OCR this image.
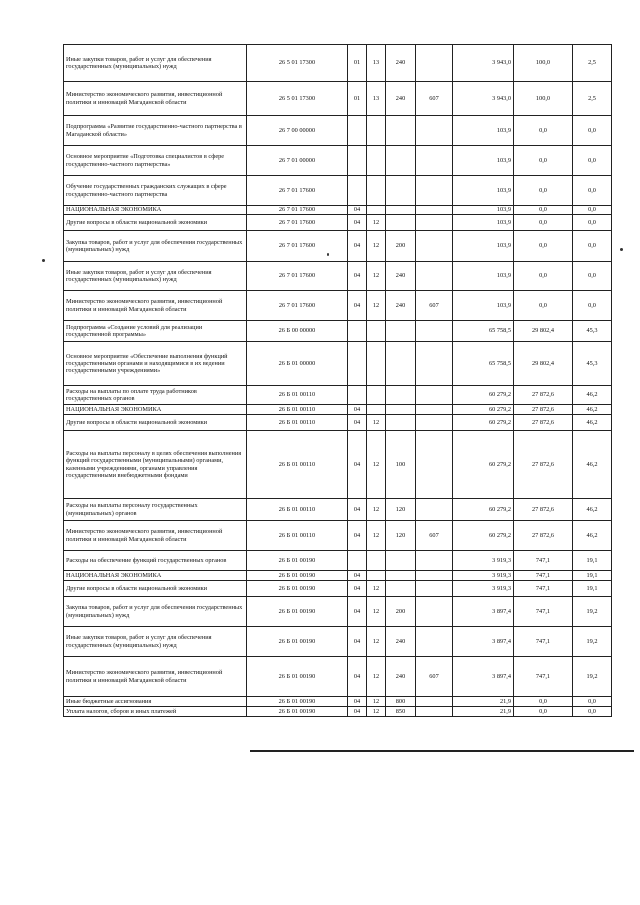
Иные закупки товаров, работ и услуг для обеспечения государственных (муниципальных) нужд	26 5 01 17300	01	13	240		3 943,0	100,0	2,5
Министерство экономического развития, инвестиционной политики и инноваций Магаданской области	26 5 01 17300	01	13	240	607	3 943,0	100,0	2,5
Подпрограмма «Развитие государственно-частного партнерства в Магаданской области»	26 7 00 00000					103,9	0,0	0,0
Основное мероприятие «Подготовка специалистов в сфере государственно-частного партнерства»	26 7 01 00000					103,9	0,0	0,0
Обучение государственных гражданских служащих в сфере государственно-частного партнерства	26 7 01 17600					103,9	0,0	0,0
НАЦИОНАЛЬНАЯ ЭКОНОМИКА	26 7 01 17600	04				103,9	0,0	0,0
Другие вопросы в области национальной экономики	26 7 01 17600	04	12			103,9	0,0	0,0
Закупка товаров, работ и услуг для обеспечения государственных (муниципальных) нужд	26 7 01 17600	04	12	200		103,9	0,0	0,0
Иные закупки товаров, работ и услуг для обеспечения государственных (муниципальных) нужд	26 7 01 17600	04	12	240		103,9	0,0	0,0
Министерство экономического развития, инвестиционной политики и инноваций Магаданской области	26 7 01 17600	04	12	240	607	103,9	0,0	0,0
Подпрограмма «Создание условий для реализации государственной программы»	26 Б 00 00000					65 758,5	29 802,4	45,3
Основное мероприятие «Обеспечение выполнения функций государственными органами и находящимися в их ведении государственными учреждениями»	26 Б 01 00000					65 758,5	29 802,4	45,3
Расходы на выплаты по оплате труда работников государственных органов	26 Б 01 00110					60 279,2	27 872,6	46,2
НАЦИОНАЛЬНАЯ ЭКОНОМИКА	26 Б 01 00110	04				60 279,2	27 872,6	46,2
Другие вопросы в области национальной экономики	26 Б 01 00110	04	12			60 279,2	27 872,6	46,2
Расходы на выплаты персоналу в целях обеспечения выполнения функций государственными (муниципальными) органами, казенными учреждениями, органами управления государственными внебюджетными фондами	26 Б 01 00110	04	12	100		60 279,2	27 872,6	46,2
Расходы на выплаты персоналу государственных (муниципальных) органов	26 Б 01 00110	04	12	120		60 279,2	27 872,6	46,2
Министерство экономического развития, инвестиционной политики и инноваций Магаданской области	26 Б 01 00110	04	12	120	607	60 279,2	27 872,6	46,2
Расходы на обеспечение функций государственных органов	26 Б 01 00190					3 919,3	747,1	19,1
НАЦИОНАЛЬНАЯ ЭКОНОМИКА	26 Б 01 00190	04				3 919,3	747,1	19,1
Другие вопросы в области национальной экономики	26 Б 01 00190	04	12			3 919,3	747,1	19,1
Закупка товаров, работ и услуг для обеспечения государственных (муниципальных) нужд	26 Б 01 00190	04	12	200		3 897,4	747,1	19,2
Иные закупки товаров, работ и услуг для обеспечения государственных (муниципальных) нужд	26 Б 01 00190	04	12	240		3 897,4	747,1	19,2
Министерство экономического развития, инвестиционной политики и инноваций Магаданской области	26 Б 01 00190	04	12	240	607	3 897,4	747,1	19,2
Иные бюджетные ассигнования	26 Б 01 00190	04	12	800		21,9	0,0	0,0
Уплата налогов, сборов и иных платежей	26 Б 01 00190	04	12	850		21,9	0,0	0,0
